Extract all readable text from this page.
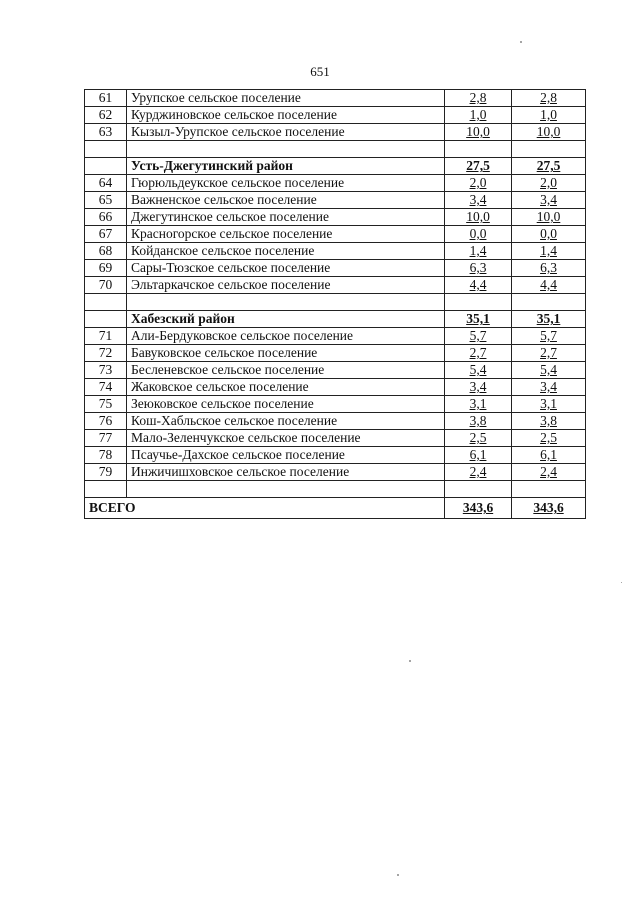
651
61	Урупское сельское поселение	2,8	2,8
62	Курджиновское сельское поселение	1,0	1,0
63	Кызыл-Урупское сельское поселение	10,0	10,0

	Усть-Джегутинский район	27,5	27,5
64	Гюрюльдеукское сельское поселение	2,0	2,0
65	Важненское сельское поселение	3,4	3,4
66	Джегутинское сельское поселение	10,0	10,0
67	Красногорское сельское поселение	0,0	0,0
68	Койданское сельское поселение	1,4	1,4
69	Сары-Тюзское сельское поселение	6,3	6,3
70	Эльтаркачское сельское поселение	4,4	4,4

	Хабезский район	35,1	35,1
71	Али-Бердуковское сельское поселение	5,7	5,7
72	Бавуковское сельское поселение	2,7	2,7
73	Бесленевское сельское поселение	5,4	5,4
74	Жаковское сельское поселение	3,4	3,4
75	Зеюковское сельское поселение	3,1	3,1
76	Кош-Хабльское сельское поселение	3,8	3,8
77	Мало-Зеленчукское сельское поселение	2,5	2,5
78	Псаучье-Дахское сельское поселение	6,1	6,1
79	Инжичишховское сельское поселение	2,4	2,4

ВСЕГО		343,6	343,6
